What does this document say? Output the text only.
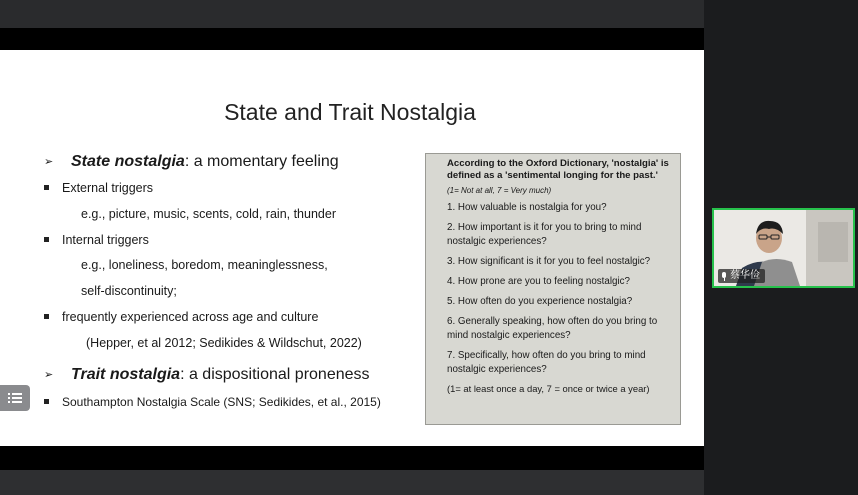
State and Trait Nostalgia
➢ State nostalgia: a momentary feeling
External triggers
e.g., picture, music, scents, cold, rain, thunder
Internal triggers
e.g., loneliness, boredom, meaninglessness,
self-discontinuity;
frequently experienced across age and culture
(Hepper, et al 2012; Sedikides & Wildschut, 2022)
➢ Trait nostalgia: a dispositional proneness
Southampton Nostalgia Scale (SNS; Sedikides, et al., 2015)
According to the Oxford Dictionary, 'nostalgia' is defined as a 'sentimental longing for the past.'
(1= Not at all, 7 = Very much)
1. How valuable is nostalgia for you?
2. How important is it for you to bring to mind nostalgic experiences?
3. How significant is it for you to feel nostalgic?
4. How prone are you to feeling nostalgic?
5. How often do you experience nostalgia?
6. Generally speaking, how often do you bring to mind nostalgic experiences?
7. Specifically, how often do you bring to mind nostalgic experiences?
(1= at least once a day, 7 = once or twice a year)
蔡华俭
